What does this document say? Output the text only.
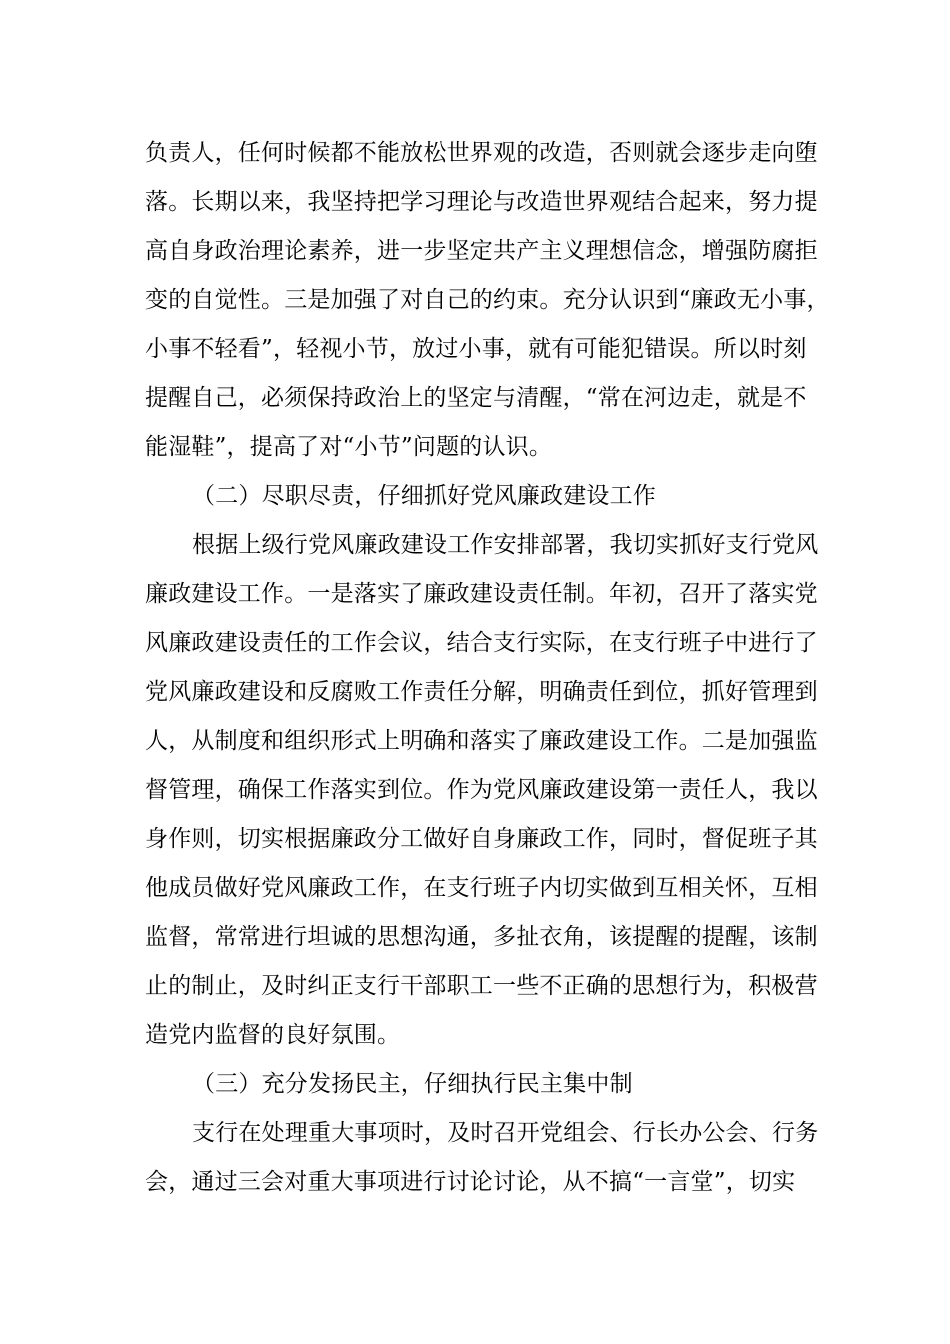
负责人，任何时候都不能放松世界观的改造，否则就会逐步走向堕
落。长期以来，我坚持把学习理论与改造世界观结合起来，努力提
高自身政治理论素养，进一步坚定共产主义理想信念，增强防腐拒
变的自觉性。三是加强了对自己的约束。充分认识到“廉政无小事，
小事不轻看”，轻视小节，放过小事，就有可能犯错误。所以时刻
提醒自己，必须保持政治上的坚定与清醒，“常在河边走，就是不
能湿鞋”，提高了对“小节”问题的认识。
（二）尽职尽责，仔细抓好党风廉政建设工作
根据上级行党风廉政建设工作安排部署，我切实抓好支行党风
廉政建设工作。一是落实了廉政建设责任制。年初，召开了落实党
风廉政建设责任的工作会议，结合支行实际，在支行班子中进行了
党风廉政建设和反腐败工作责任分解，明确责任到位，抓好管理到
人，从制度和组织形式上明确和落实了廉政建设工作。二是加强监
督管理，确保工作落实到位。作为党风廉政建设第一责任人，我以
身作则，切实根据廉政分工做好自身廉政工作，同时，督促班子其
他成员做好党风廉政工作，在支行班子内切实做到互相关怀，互相
监督，常常进行坦诚的思想沟通，多扯衣角，该提醒的提醒，该制
止的制止，及时纠正支行干部职工一些不正确的思想行为，积极营
造党内监督的良好氛围。
（三）充分发扬民主，仔细执行民主集中制
支行在处理重大事项时，及时召开党组会、行长办公会、行务
会，通过三会对重大事项进行讨论讨论，从不搞“一言堂”，切实
